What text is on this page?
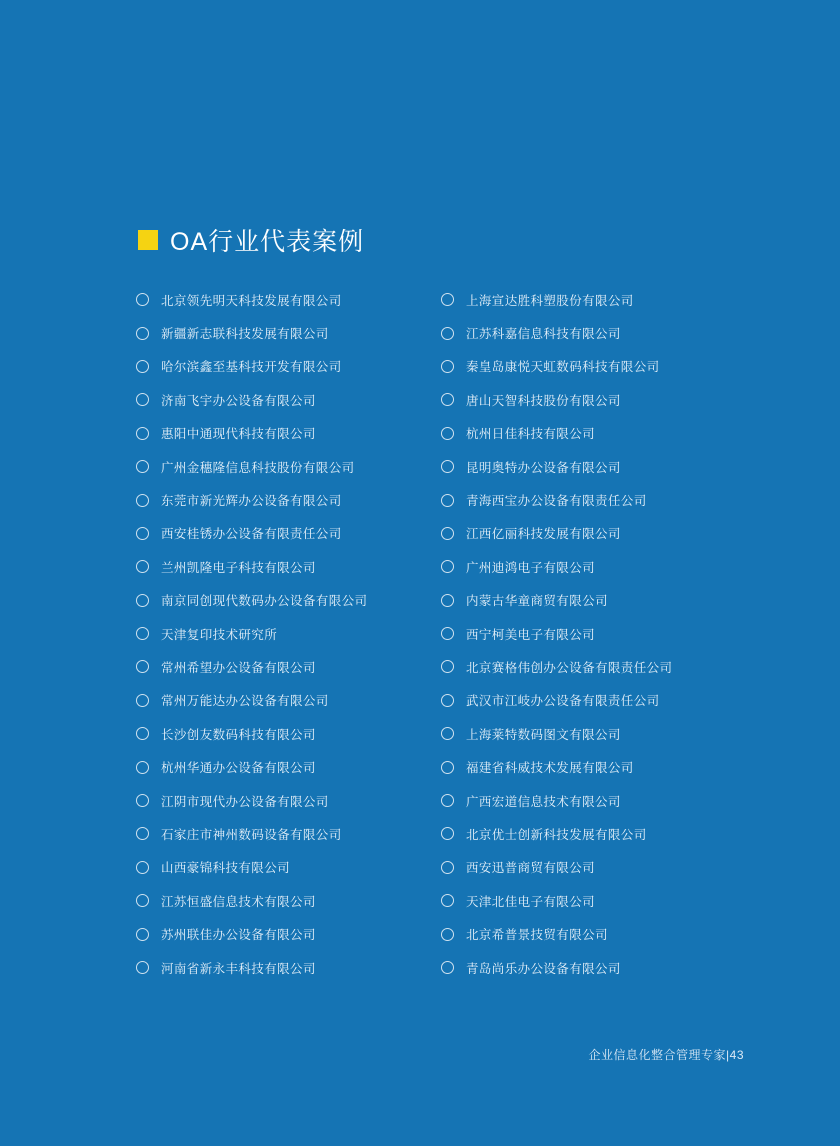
OA行业代表案例
北京领先明天科技发展有限公司
新疆新志联科技发展有限公司
哈尔滨鑫至基科技开发有限公司
济南飞宇办公设备有限公司
惠阳中通现代科技有限公司
广州金穗隆信息科技股份有限公司
东莞市新光辉办公设备有限公司
西安桂锈办公设备有限责任公司
兰州凯隆电子科技有限公司
南京同创现代数码办公设备有限公司
天津复印技术研究所
常州希望办公设备有限公司
常州万能达办公设备有限公司
长沙创友数码科技有限公司
杭州华通办公设备有限公司
江阴市现代办公设备有限公司
石家庄市神州数码设备有限公司
山西豪锦科技有限公司
江苏恒盛信息技术有限公司
苏州联佳办公设备有限公司
河南省新永丰科技有限公司
上海宣达胜科塑股份有限公司
江苏科嘉信息科技有限公司
秦皇岛康悦天虹数码科技有限公司
唐山天智科技股份有限公司
杭州日佳科技有限公司
昆明奥特办公设备有限公司
青海西宝办公设备有限责任公司
江西亿丽科技发展有限公司
广州迪鸿电子有限公司
内蒙古华童商贸有限公司
西宁柯美电子有限公司
北京赛格伟创办公设备有限责任公司
武汉市江岐办公设备有限责任公司
上海莱特数码图文有限公司
福建省科威技术发展有限公司
广西宏道信息技术有限公司
北京优士创新科技发展有限公司
西安迅普商贸有限公司
天津北佳电子有限公司
北京希普景技贸有限公司
青岛尚乐办公设备有限公司
企业信息化整合管理专家|43
